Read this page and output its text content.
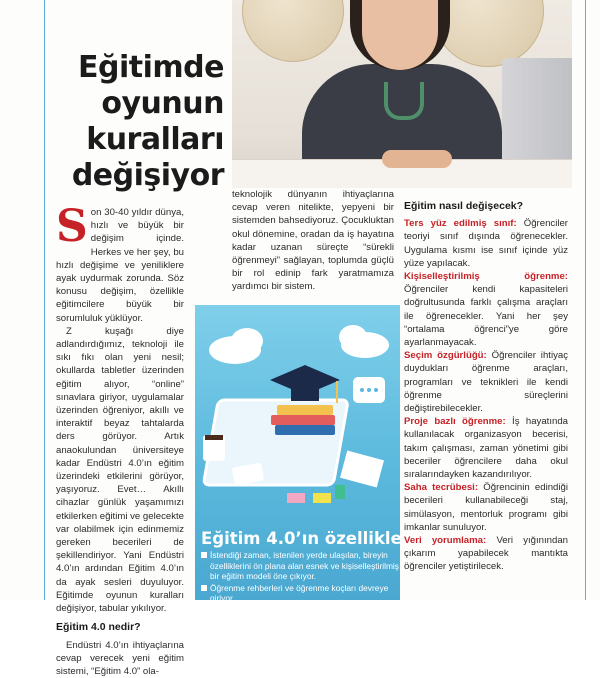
Eğitimde
oyunun
kuralları
değişiyor

Son 30-40 yıldır dünya, hızlı ve büyük bir değişim içinde. Herkes ve her şey, bu hızlı değişime ve yeniliklere ayak uydurmak zorunda. Söz konusu değişim, özellikle eğitimcilere büyük bir sorumluluk yüklüyor.

Z kuşağı diye adlandırdığımız, teknoloji ile sıkı fıkı olan yeni nesil; okullarda tabletler üzerinden eğitim alıyor, “online” sınavlara giriyor, uygulamalar üzerinden öğreniyor, akıllı ve interaktif beyaz tahtalarda ders görüyor. Artık anaokulundan üniversiteye kadar Endüstri 4.0’ın eğitim üzerindeki etkilerini görüyor, yaşıyoruz. Evet… Akıllı cihazlar günlük yaşamımızı etkilerken eğitimi ve gelecekte var olabilmek için edinmemiz gereken becerileri de şekillendiriyor. Yani Endüstri 4.0’ın ardından Eğitim 4.0’ın da ayak sesleri duyuluyor. Eğitimde oyunun kuralları değişiyor, tabular yıkılıyor.

Eğitim 4.0 nedir?

Endüstri 4.0’ın ihtiyaçlarına cevap verecek yeni eğitim sistemi, “Eğitim 4.0” ola-

teknolojik dünyanın ihtiyaçlarına cevap veren nitelikte, yepyeni bir sistemden bahsediyoruz. Çocukluktan okul dönemine, oradan da iş hayatına kadar uzanan süreçte “sürekli öğrenmeyi” sağlayan, toplumda güçlü bir rol edinip fark yaratmamıza yardımcı bir sistem.

Eğitim 4.0’ın özellikleri
İstendiği zaman, istenilen yerde ulaşılan, bireyin özelliklerini ön plana alan esnek ve kişiselleştirilmiş bir eğitim modeli öne çıkıyor.
Öğrenme rehberleri ve öğrenme koçları devreye giriyor.
Eğitim nasıl değişecek?

Ters yüz edilmiş sınıf: Öğrenciler teoriyi sınıf dışında öğrenecekler. Uygulama kısmı ise sınıf içinde yüz yüze yapılacak.

Kişiselleştirilmiş öğrenme: Öğrenciler kendi kapasiteleri doğrultusunda farklı çalışma araçları ile öğrenecekler. Yani her şey “ortalama öğrenci”ye göre ayarlanmayacak.

Seçim özgürlüğü: Öğrenciler ihtiyaç duydukları öğrenme araçları, programları ve teknikleri ile kendi öğrenme süreçlerini değiştirebilecekler.

Proje bazlı öğrenme: İş hayatında kullanılacak organizasyon becerisi, takım çalışması, zaman yönetimi gibi beceriler öğrencilere daha okul sıralarındayken kazandırılıyor.

Saha tecrübesi: Öğrencinin edindiği becerileri kullanabileceği staj, simülasyon, mentorluk programı gibi imkanlar sunuluyor.

Veri yorumlama: Veri yığınından çıkarım yapabilecek mantıkta öğrenciler yetiştirilecek.
